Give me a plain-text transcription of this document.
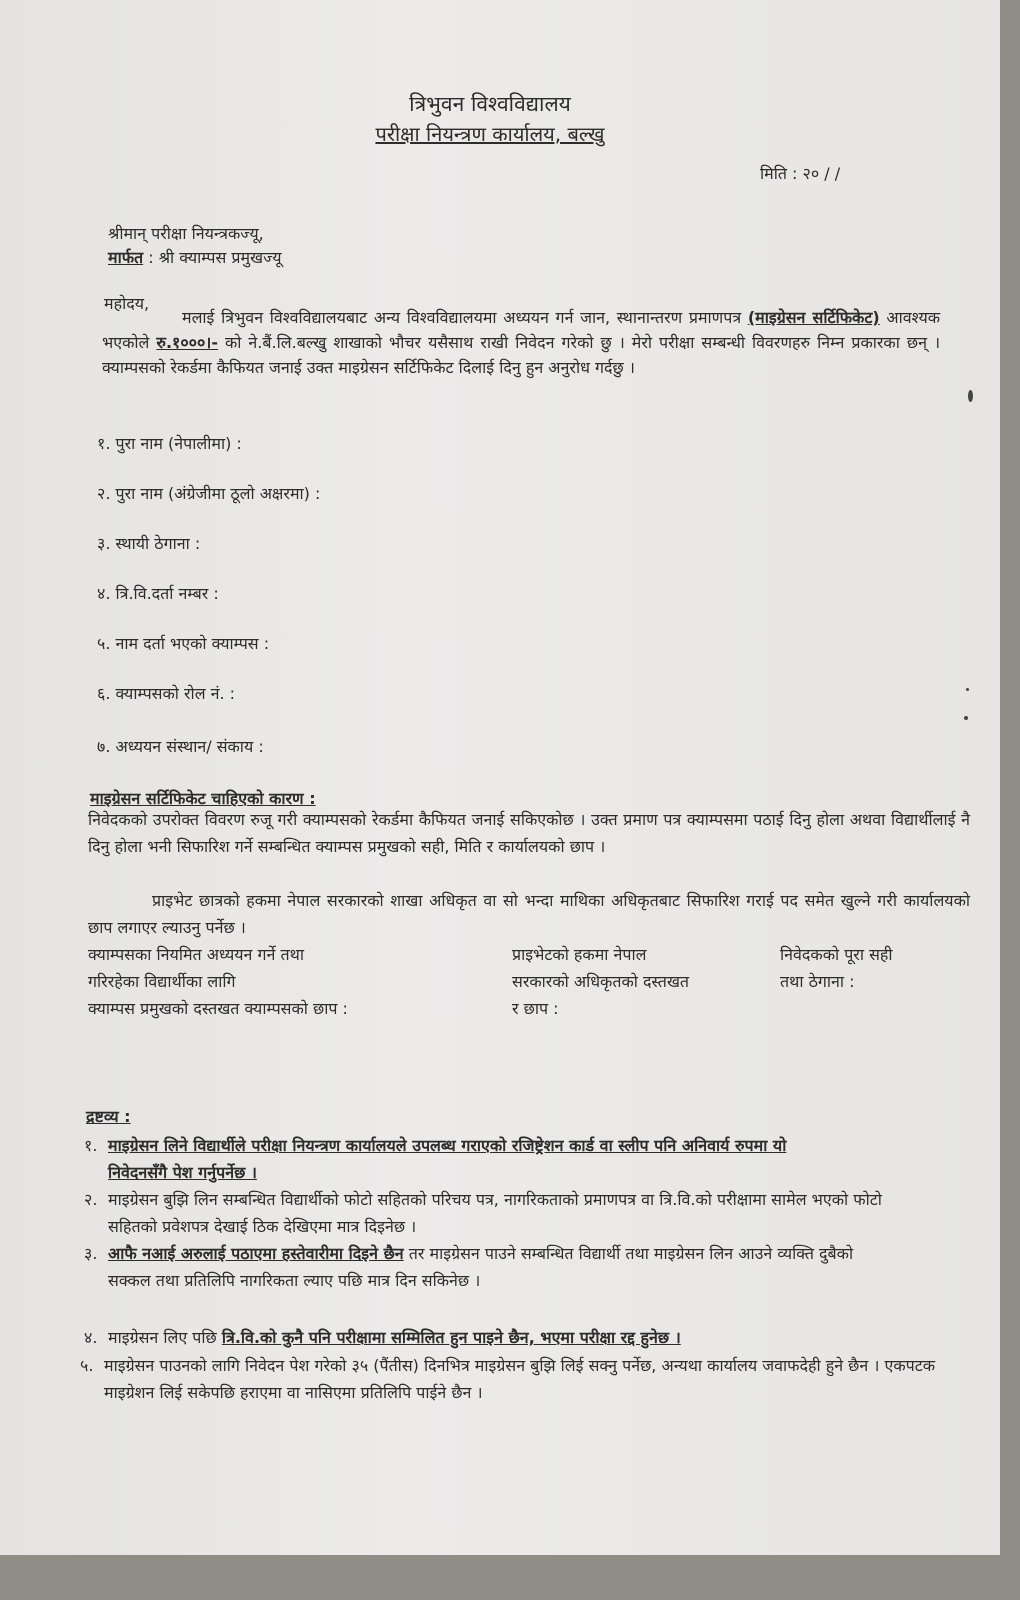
त्रिभुवन विश्वविद्यालय
परीक्षा नियन्त्रण कार्यालय, बल्खु
मिति : २० / /
श्रीमान् परीक्षा नियन्त्रकज्यू,
मार्फत : श्री क्याम्पस प्रमुखज्यू
महोदय,
मलाई त्रिभुवन विश्वविद्यालयबाट अन्य विश्वविद्यालयमा अध्ययन गर्न जान, स्थानान्तरण प्रमाणपत्र (माइग्रेसन सर्टिफिकेट) आवश्यक भएकोले रु.१०००।- को ने.बैं.लि.बल्खु शाखाको भौचर यसैसाथ राखी निवेदन गरेको छु । मेरो परीक्षा सम्बन्धी विवरणहरु निम्न प्रकारका छन् । क्याम्पसको रेकर्डमा कैफियत जनाई उक्त माइग्रेसन सर्टिफिकेट दिलाई दिनु हुन अनुरोध गर्दछु ।
१. पुरा नाम (नेपालीमा) :
२. पुरा नाम (अंग्रेजीमा ठूलो अक्षरमा) :
३. स्थायी ठेगाना :
४. त्रि.वि.दर्ता नम्बर :
५. नाम दर्ता भएको क्याम्पस :
६. क्याम्पसको रोल नं. :
७. अध्ययन संस्थान/ संकाय :
माइग्रेसन सर्टिफिकेट चाहिएको कारण :
निवेदकको उपरोक्त विवरण रुजू गरी क्याम्पसको रेकर्डमा कैफियत जनाई सकिएकोछ । उक्त प्रमाण पत्र क्याम्पसमा पठाई दिनु होला अथवा विद्यार्थीलाई नै दिनु होला भनी सिफारिश गर्ने सम्बन्धित क्याम्पस प्रमुखको सही, मिति र कार्यालयको छाप ।
प्राइभेट छात्रको हकमा नेपाल सरकारको शाखा अधिकृत वा सो भन्दा माथिका अधिकृतबाट सिफारिश गराई पद समेत खुल्ने गरी कार्यालयको छाप लगाएर ल्याउनु पर्नेछ ।
क्याम्पसका नियमित अध्ययन गर्ने तथा
गरिरहेका विद्यार्थीका लागि
क्याम्पस प्रमुखको दस्तखत क्याम्पसको छाप :
प्राइभेटको हकमा नेपाल
सरकारको अधिकृतको दस्तखत
र छाप :
निवेदकको पूरा सही
तथा ठेगाना :
द्रष्टव्य :
१. माइग्रेसन लिने विद्यार्थीले परीक्षा नियन्त्रण कार्यालयले उपलब्ध गराएको रजिष्ट्रेशन कार्ड वा स्लीप पनि अनिवार्य रुपमा यो निवेदनसँगै पेश गर्नुपर्नेछ ।
२. माइग्रेसन बुझि लिन सम्बन्धित विद्यार्थीको फोटो सहितको परिचय पत्र, नागरिकताको प्रमाणपत्र वा त्रि.वि.को परीक्षामा सामेल भएको फोटो सहितको प्रवेशपत्र देखाई ठिक देखिएमा मात्र दिइनेछ ।
३. आफै नआई अरुलाई पठाएमा हस्तेवारीमा दिइने छैन तर माइग्रेसन पाउने सम्बन्धित विद्यार्थी तथा माइग्रेसन लिन आउने व्यक्ति दुबैको सक्कल तथा प्रतिलिपि नागरिकता ल्याए पछि मात्र दिन सकिनेछ ।
४. माइग्रेसन लिए पछि त्रि.वि.को कुनै पनि परीक्षामा सम्मिलित हुन पाइने छैन, भएमा परीक्षा रद्द हुनेछ ।
५. माइग्रेसन पाउनको लागि निवेदन पेश गरेको ३५ (पैंतीस) दिनभित्र माइग्रेसन बुझि लिई सक्नु पर्नेछ, अन्यथा कार्यालय जवाफदेही हुने छैन । एकपटक माइग्रेशन लिई सकेपछि हराएमा वा नासिएमा प्रतिलिपि पाईने छैन ।
